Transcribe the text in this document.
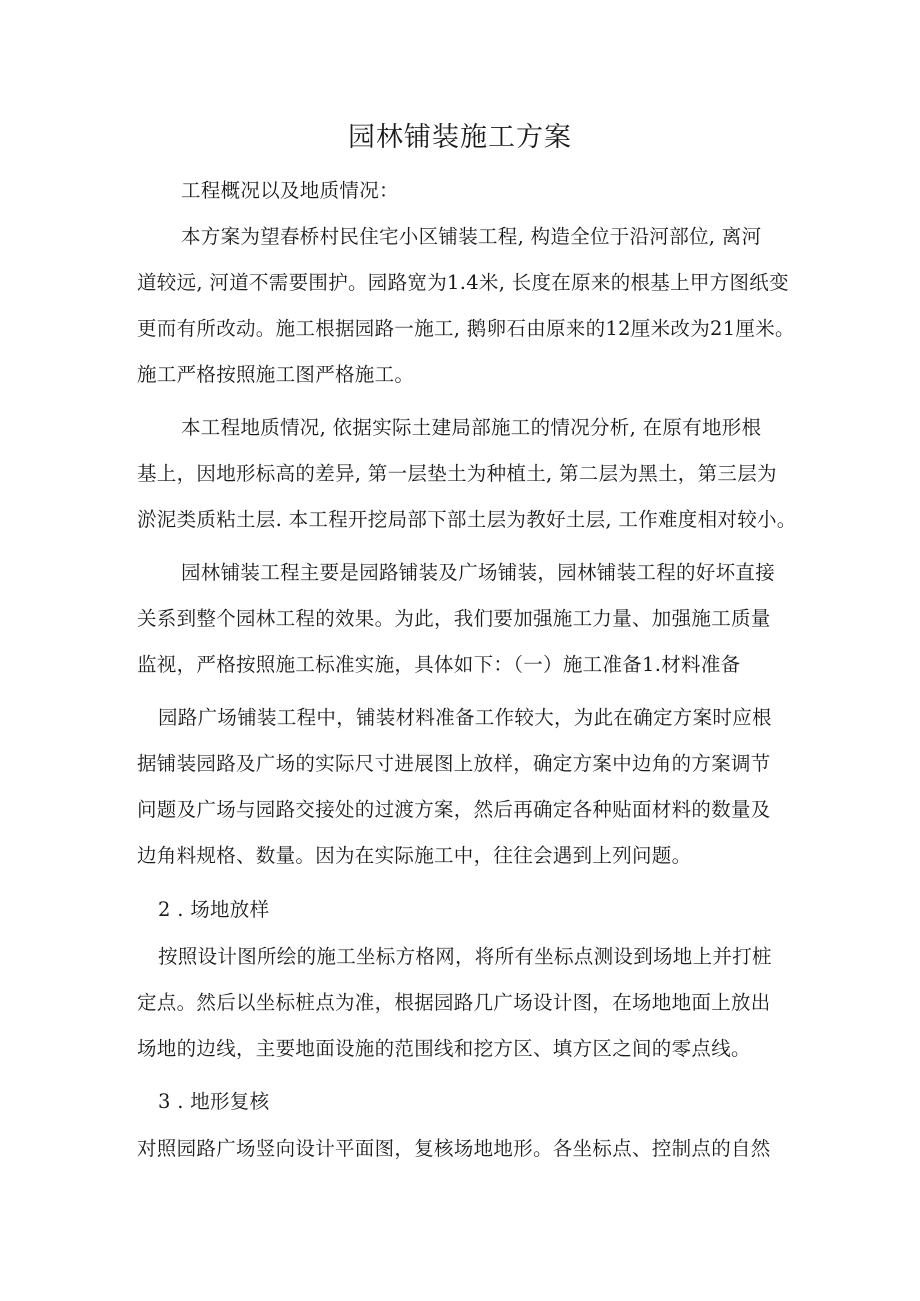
园林铺装施工方案
工程概况以及地质情况：
本方案为望春桥村民住宅小区铺装工程, 构造全位于沿河部位, 离河
道较远, 河道不需要围护。园路宽为1.4米, 长度在原来的根基上甲方图纸变
更而有所改动。施工根据园路一施工, 鹅卵石由原来的12厘米改为21厘米。
施工严格按照施工图严格施工。
本工程地质情况, 依据实际土建局部施工的情况分析, 在原有地形根
基上，因地形标高的差异, 第一层垫土为种植土, 第二层为黑土，第三层为
淤泥类质粘土层. 本工程开挖局部下部土层为教好土层, 工作难度相对较小。
园林铺装工程主要是园路铺装及广场铺装，园林铺装工程的好坏直接
关系到整个园林工程的效果。为此，我们要加强施工力量、加强施工质量
监视，严格按照施工标准实施，具体如下：（一）施工准备1.材料准备
园路广场铺装工程中，铺装材料准备工作较大，为此在确定方案时应根
据铺装园路及广场的实际尺寸进展图上放样，确定方案中边角的方案调节
问题及广场与园路交接处的过渡方案，然后再确定各种贴面材料的数量及
边角料规格、数量。因为在实际施工中，往往会遇到上列问题。
2 . 场地放样
按照设计图所绘的施工坐标方格网，将所有坐标点测设到场地上并打桩
定点。然后以坐标桩点为准，根据园路几广场设计图，在场地地面上放出
场地的边线，主要地面设施的范围线和挖方区、填方区之间的零点线。
3 . 地形复核
对照园路广场竖向设计平面图，复核场地地形。各坐标点、控制点的自然
